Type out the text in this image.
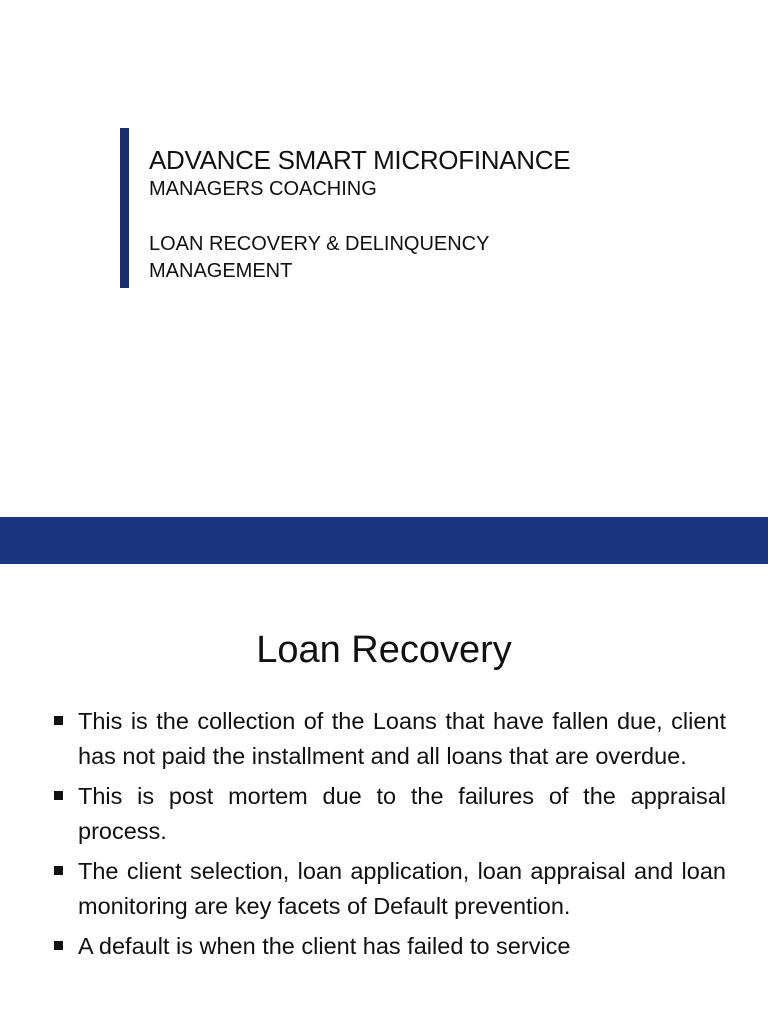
ADVANCE SMART MICROFINANCE
MANAGERS COACHING
LOAN RECOVERY & DELINQUENCY MANAGEMENT
Loan Recovery
This is the collection of the Loans that have fallen due, client has not paid the installment and all loans that are overdue.
This is post mortem due to the failures of the appraisal process.
The client selection, loan application, loan appraisal and loan monitoring are key facets of Default prevention.
A default is when the client has failed to service
